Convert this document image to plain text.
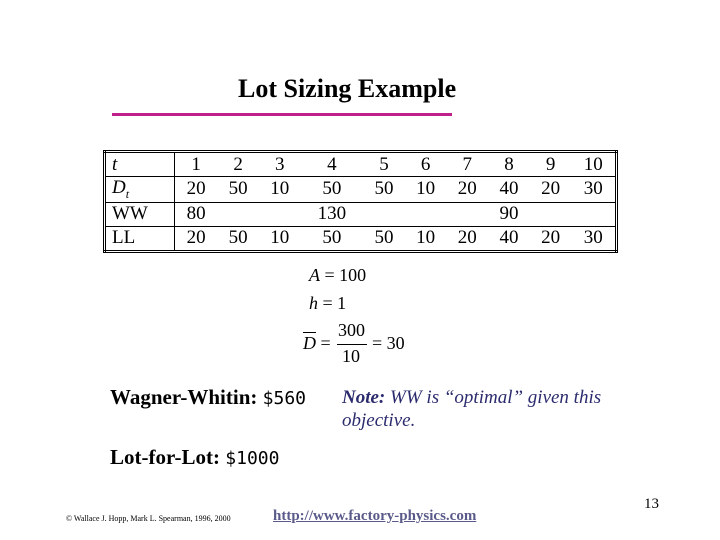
Lot Sizing Example
t	1	2	3	4	5	6	7	8	9	10
$D_t$	20	50	10	50	50	10	20	40	20	30
WW	80			130				90		
LL	20	50	10	50	50	10	20	40	20	30
A = 100
h = 1
$\overline{D}$ =
300
10
= 30
Wagner-Whitin: $560
Lot-for-Lot: $1000
Note: WW is “optimal” given this objective.
© Wallace J. Hopp, Mark L. Spearman, 1996, 2000	http://www.factory-physics.com
13
